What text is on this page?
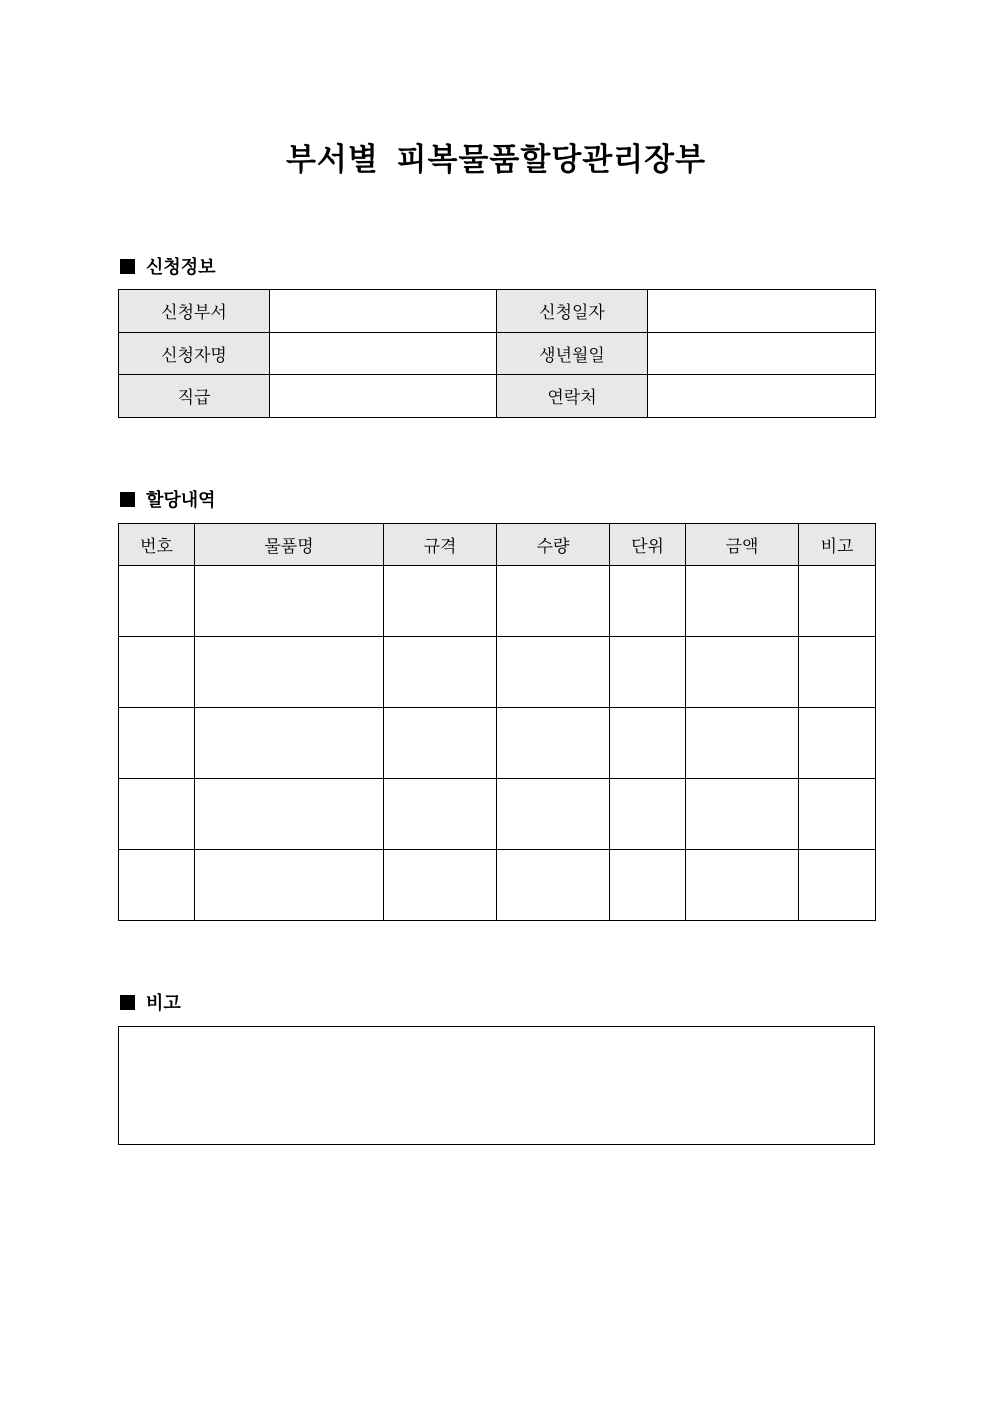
부서별 피복물품할당관리장부
신청정보
신청부서		신청일자	
신청자명		생년월일	
직급		연락처	
할당내역
번호	물품명	규격	수량	단위	금액	비고

비고
